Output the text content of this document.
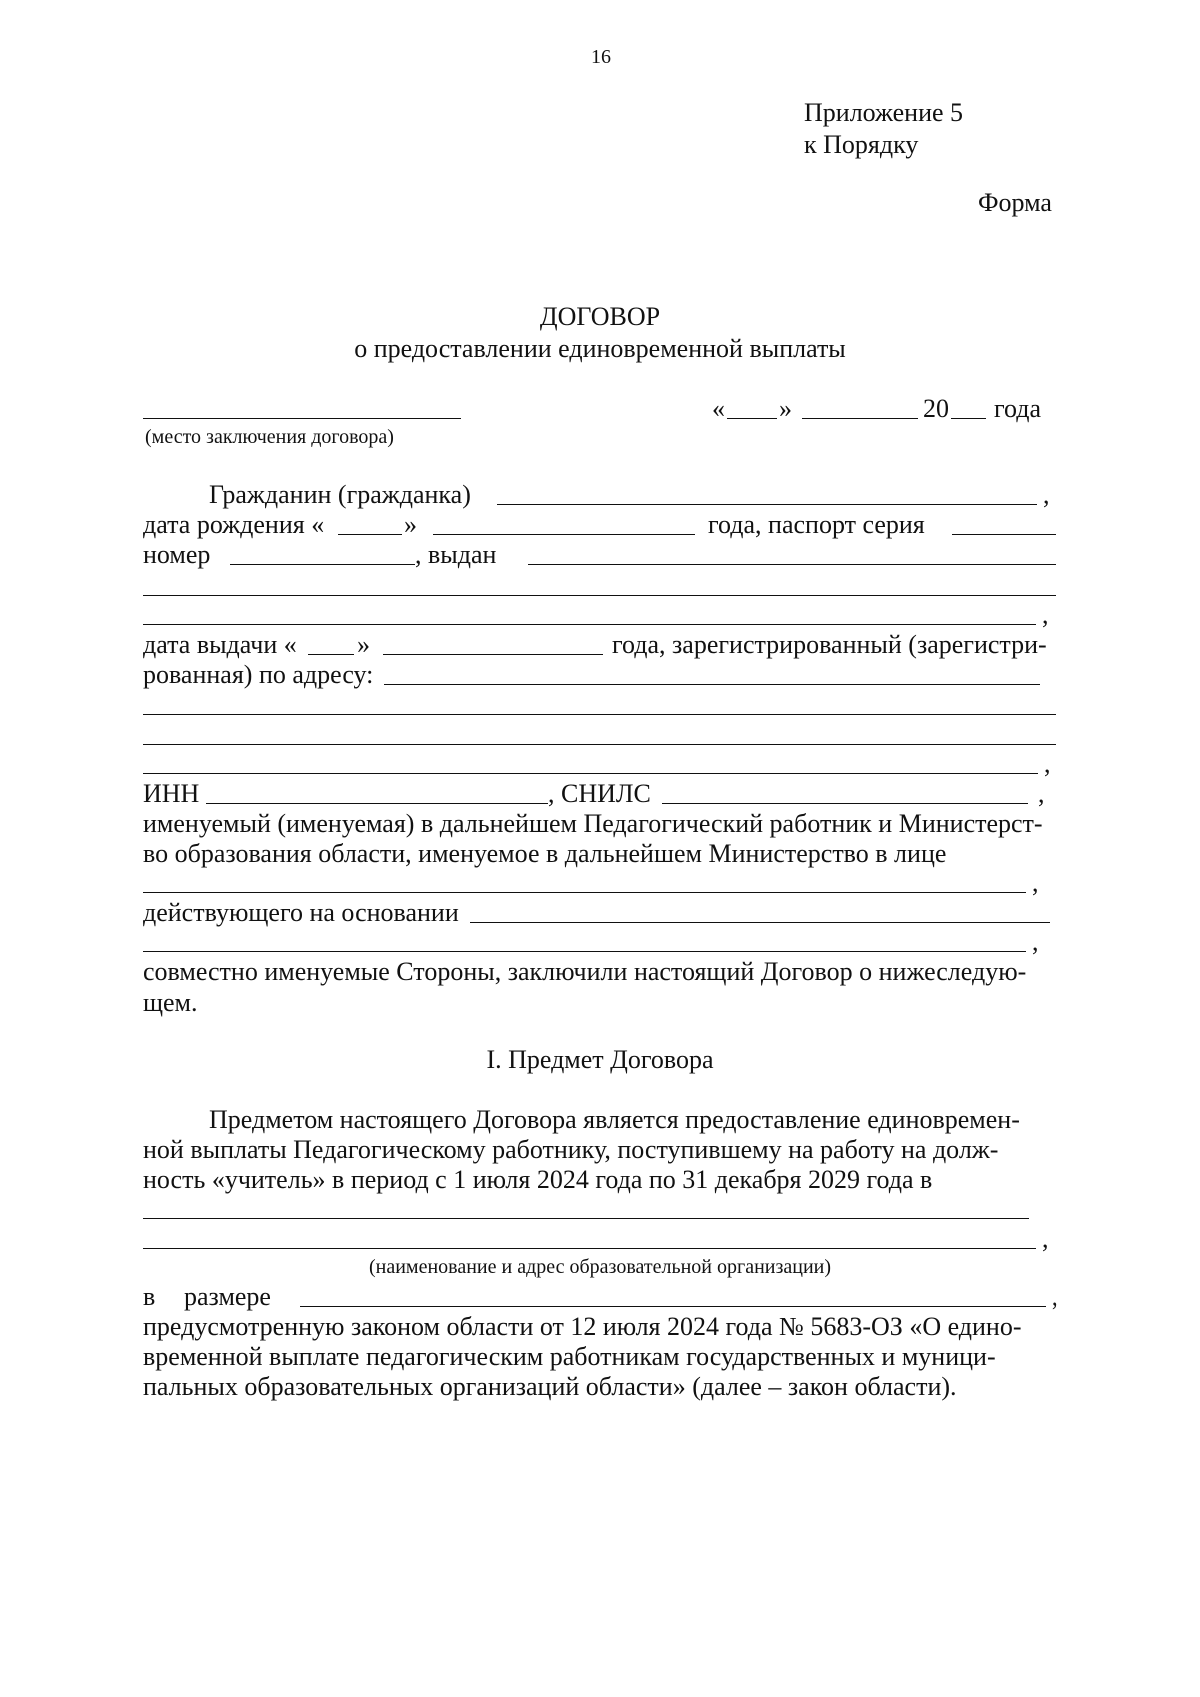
16
Приложение 5
к Порядку
Форма
ДОГОВОР
о предоставлении единовременной выплаты
(место заключения договора)
« »	20 года
Гражданин (гражданка)	,
дата рождения «	»	года, паспорт серия
номер	, выдан
,
дата выдачи « »	года, зарегистрированный (зарегистри-
рованная) по адресу:
,
ИНН	, СНИЛС	,
именуемый (именуемая) в дальнейшем Педагогический работник и Министерст-
во образования области, именуемое в дальнейшем Министерство в лице
,
действующего на основании
,
совместно именуемые Стороны, заключили настоящий Договор о нижеследую-
щем.
I. Предмет Договора
Предметом настоящего Договора является предоставление единовремен-
ной выплаты Педагогическому работнику, поступившему на работу на долж-
ность «учитель» в период с 1 июля 2024 года по 31 декабря 2029 года в
,
(наименование и адрес образовательной организации)
в размере	,
предусмотренную законом области от 12 июля 2024 года № 5683-ОЗ «О едино-
временной выплате педагогическим работникам государственных и муници-
пальных образовательных организаций области» (далее – закон области).
